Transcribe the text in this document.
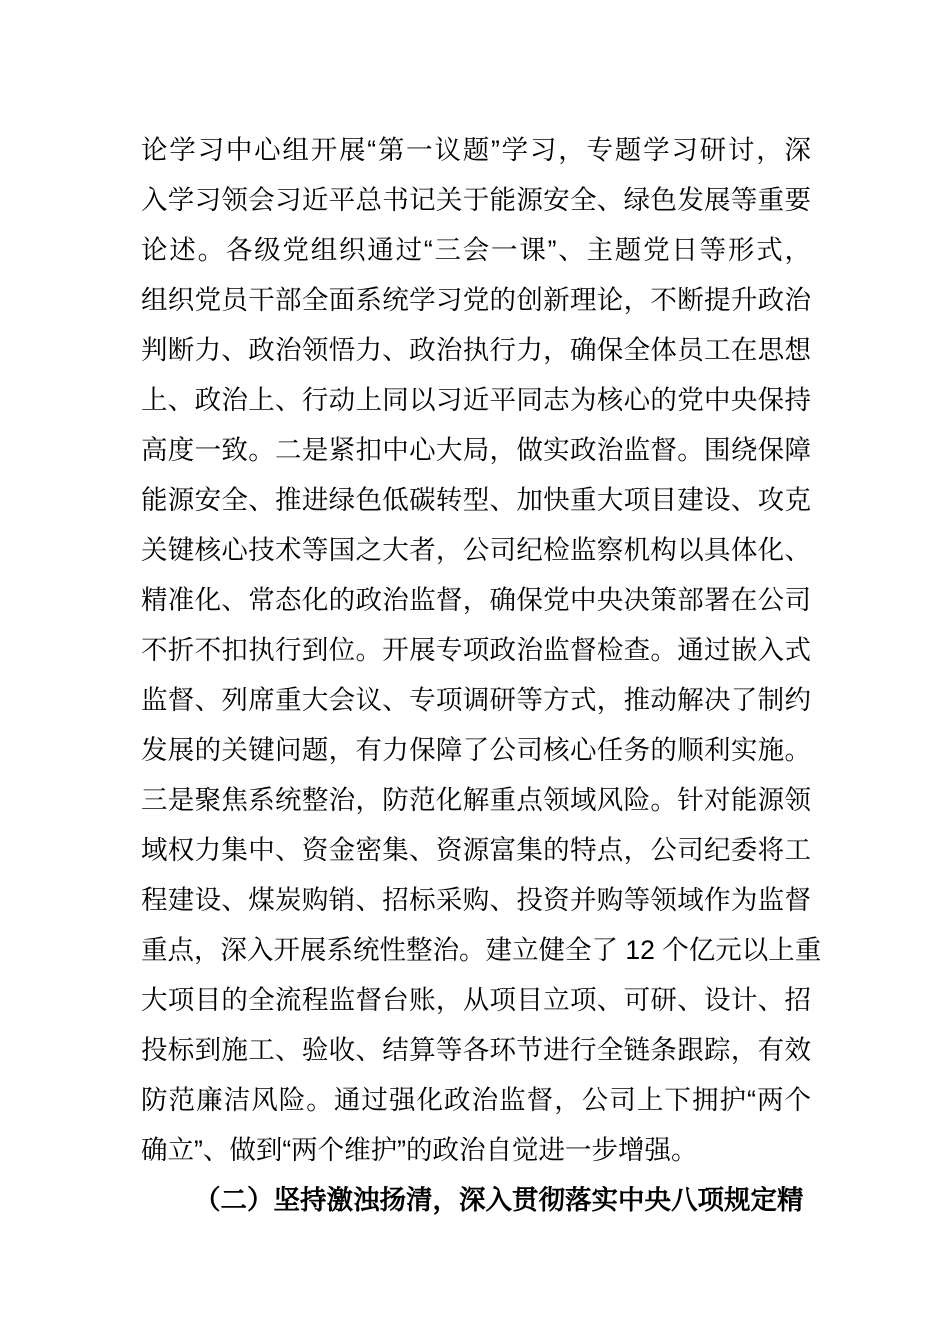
论学习中心组开展“第一议题”学习，专题学习研讨，深
入学习领会习近平总书记关于能源安全、绿色发展等重要
论述。各级党组织通过“三会一课”、主题党日等形式，
组织党员干部全面系统学习党的创新理论，不断提升政治
判断力、政治领悟力、政治执行力，确保全体员工在思想
上、政治上、行动上同以习近平同志为核心的党中央保持
高度一致。二是紧扣中心大局，做实政治监督。围绕保障
能源安全、推进绿色低碳转型、加快重大项目建设、攻克
关键核心技术等国之大者，公司纪检监察机构以具体化、
精准化、常态化的政治监督，确保党中央决策部署在公司
不折不扣执行到位。开展专项政治监督检查。通过嵌入式
监督、列席重大会议、专项调研等方式，推动解决了制约
发展的关键问题，有力保障了公司核心任务的顺利实施。
三是聚焦系统整治，防范化解重点领域风险。针对能源领
域权力集中、资金密集、资源富集的特点，公司纪委将工
程建设、煤炭购销、招标采购、投资并购等领域作为监督
重点，深入开展系统性整治。建立健全了 12 个亿元以上重
大项目的全流程监督台账，从项目立项、可研、设计、招
投标到施工、验收、结算等各环节进行全链条跟踪，有效
防范廉洁风险。通过强化政治监督，公司上下拥护“两个
确立”、做到“两个维护”的政治自觉进一步增强。
（二）坚持激浊扬清，深入贯彻落实中央八项规定精
